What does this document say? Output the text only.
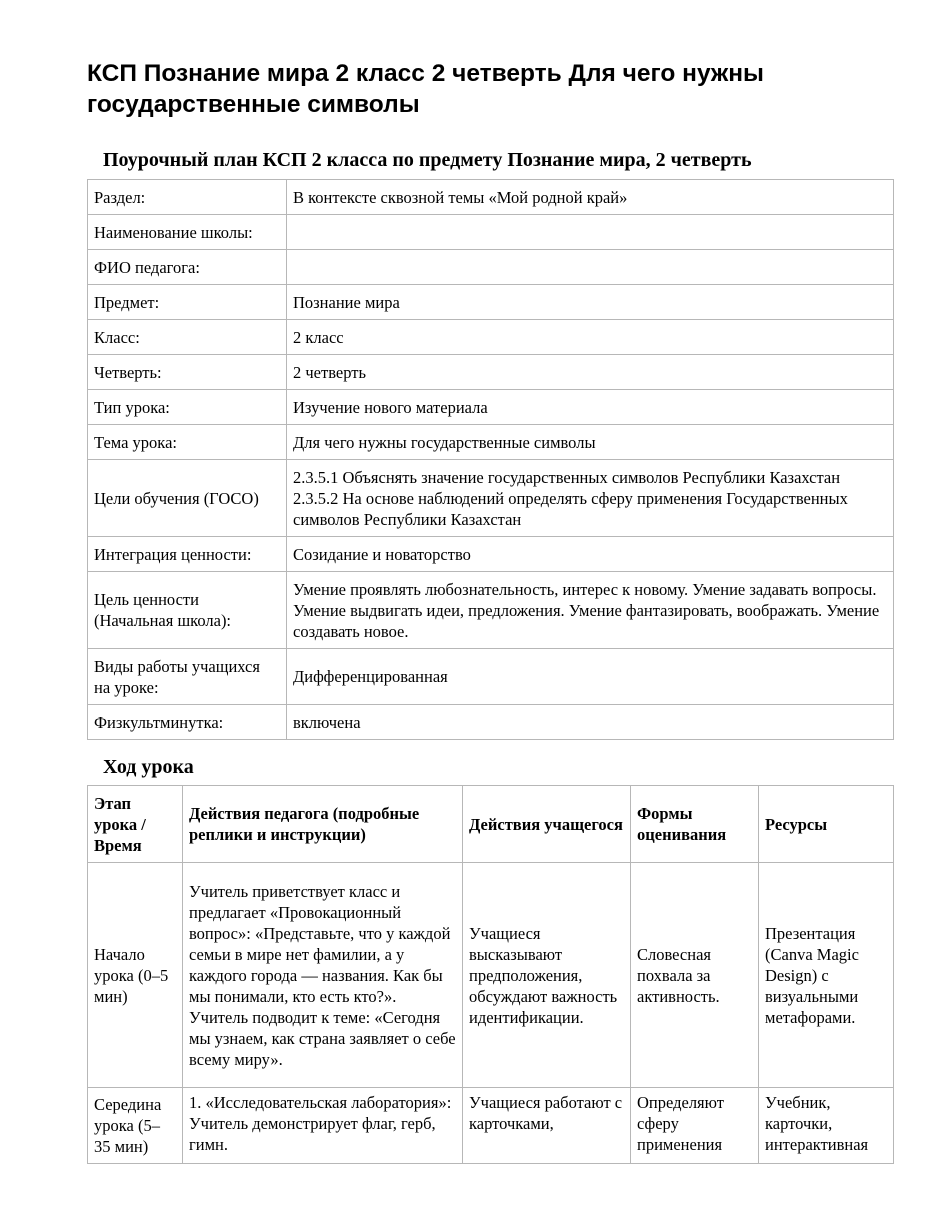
КСП Познание мира 2 класс 2 четверть Для чего нужны государственные символы
Поурочный план КСП 2 класса по предмету Познание мира, 2 четверть
Раздел:	В контексте сквозной темы «Мой родной край»
Наименование школы:	
ФИО педагога:	
Предмет:	Познание мира
Класс:	2 класс
Четверть:	2 четверть
Тип урока:	Изучение нового материала
Тема урока:	Для чего нужны государственные символы
Цели обучения (ГОСО)	2.3.5.1 Объяснять значение государственных символов Республики Казахстан 2.3.5.2 На основе наблюдений определять сферу применения Государственных символов Республики Казахстан
Интеграция ценности:	Созидание и новаторство
Цель ценности (Начальная школа):	Умение проявлять любознательность, интерес к новому. Умение задавать вопросы. Умение выдвигать идеи, предложения. Умение фантазировать, воображать. Умение создавать новое.
Виды работы учащихся на уроке:	Дифференцированная
Физкультминутка:	включена
Ход урока
Этап урока / Время	Действия педагога (подробные реплики и инструкции)	Действия учащегося	Формы оценивания	Ресурсы
Начало урока (0–5 мин)	Учитель приветствует класс и предлагает «Провокационный вопрос»: «Представьте, что у каждой семьи в мире нет фамилии, а у каждого города — названия. Как бы мы понимали, кто есть кто?». Учитель подводит к теме: «Сегодня мы узнаем, как страна заявляет о себе всему миру».	Учащиеся высказывают предположения, обсуждают важность идентификации.	Словесная похвала за активность.	Презентация (Canva Magic Design) с визуальными метафорами.
Середина урока (5–35 мин)	1. «Исследовательская лаборатория»: Учитель демонстрирует флаг, герб, гимн.	Учащиеся работают с карточками,	Определяют сферу применения	Учебник, карточки, интерактивная
